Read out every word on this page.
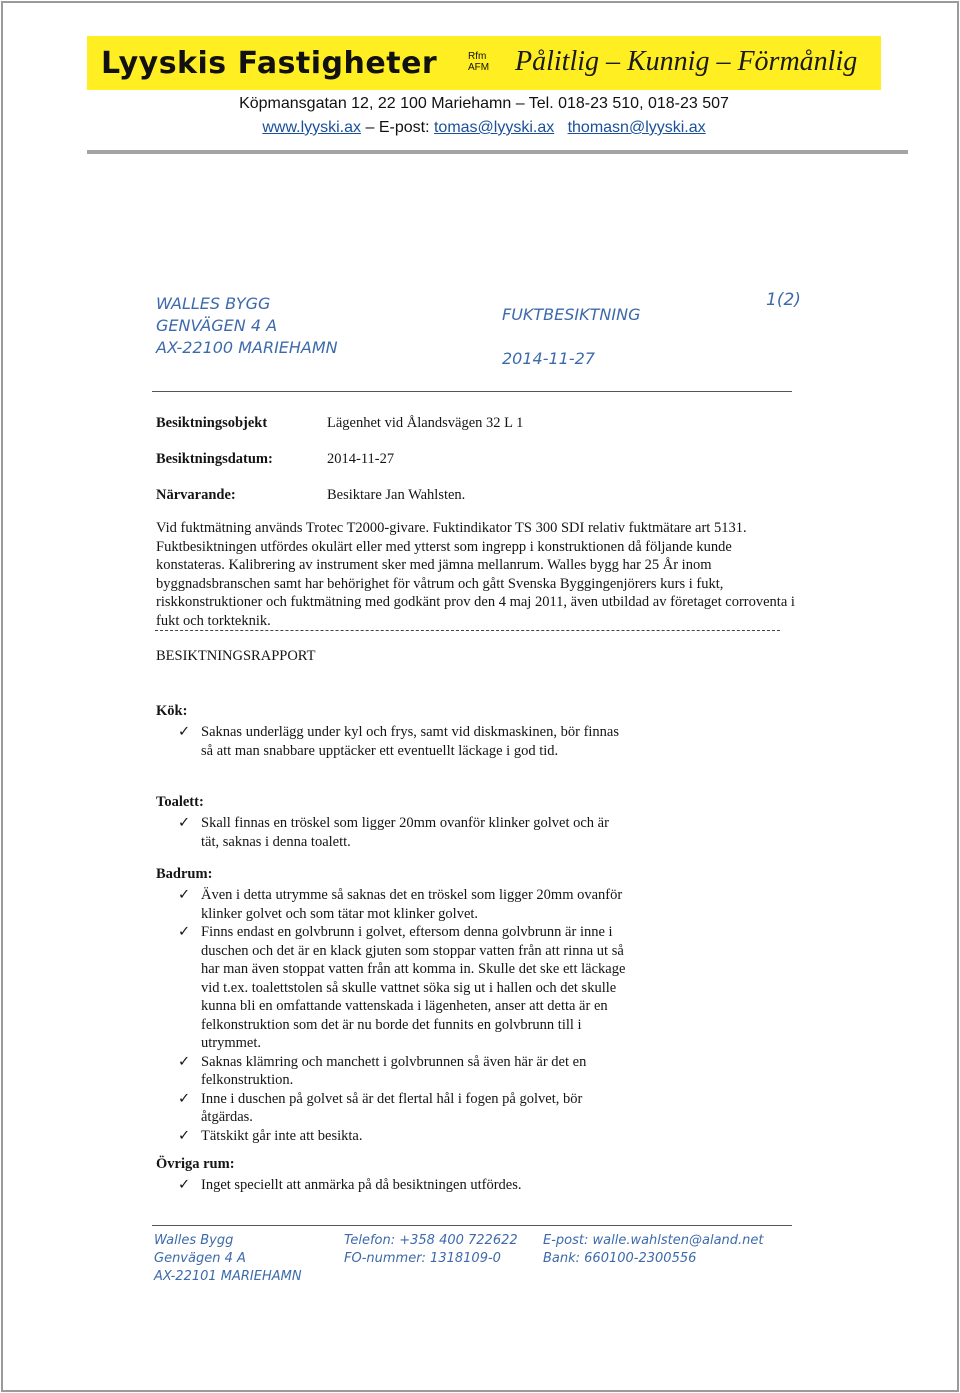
Lyyskis Fastigheter	Rfm
AFM Pålitlig – Kunnig – Förmånlig
Köpmansgatan 12, 22 100 Mariehamn – Tel. 018-23 510, 018-23 507
www.lyyski.ax – E-post: tomas@lyyski.ax thomasn@lyyski.ax
WALLES BYGG
GENVÄGEN 4 A
AX-22100 MARIEHAMN
FUKTBESIKTNING
2014-11-27
1(2)
Besiktningsobjekt	Lägenhet vid Ålandsvägen 32 L 1
Besiktningsdatum:	2014-11-27
Närvarande:	Besiktare Jan Wahlsten.

Vid fuktmätning används Trotec T2000-givare. Fuktindikator TS 300 SDI relativ fuktmätare art 5131. Fuktbesiktningen utfördes okulärt eller med ytterst som ingrepp i konstruktionen då följande kunde konstateras. Kalibrering av instrument sker med jämna mellanrum. Walles bygg har 25 År inom byggnadsbranschen samt har behörighet för våtrum och gått Svenska Byggingenjörers kurs i fukt, riskkonstruktioner och fuktmätning med godkänt prov den 4 maj 2011, även utbildad av företaget corroventa i fukt och torkteknik.

BESIKTNINGSRAPPORT
Kök:
✓ Saknas underlägg under kyl och frys, samt vid diskmaskinen, bör finnas så att man snabbare upptäcker ett eventuellt läckage i god tid.
Toalett:
✓ Skall finnas en tröskel som ligger 20mm ovanför klinker golvet och är tät, saknas i denna toalett.
Badrum:
✓ Även i detta utrymme så saknas det en tröskel som ligger 20mm ovanför klinker golvet och som tätar mot klinker golvet.
✓ Finns endast en golvbrunn i golvet, eftersom denna golvbrunn är inne i duschen och det är en klack gjuten som stoppar vatten från att rinna ut så har man även stoppat vatten från att komma in. Skulle det ske ett läckage vid t.ex. toalettstolen så skulle vattnet söka sig ut i hallen och det skulle kunna bli en omfattande vattenskada i lägenheten, anser att detta är en felkonstruktion som det är nu borde det funnits en golvbrunn till i utrymmet.
✓ Saknas klämring och manchett i golvbrunnen så även här är det en felkonstruktion.
✓ Inne i duschen på golvet så är det flertal hål i fogen på golvet, bör åtgärdas.
✓ Tätskikt går inte att besikta.
Övriga rum:
✓ Inget speciellt att anmärka på då besiktningen utfördes.
Walles Bygg
Genvägen 4 A
AX-22101 MARIEHAMN
Telefon: +358 400 722622
FO-nummer: 1318109-0
E-post: walle.wahlsten@aland.net
Bank: 660100-2300556
